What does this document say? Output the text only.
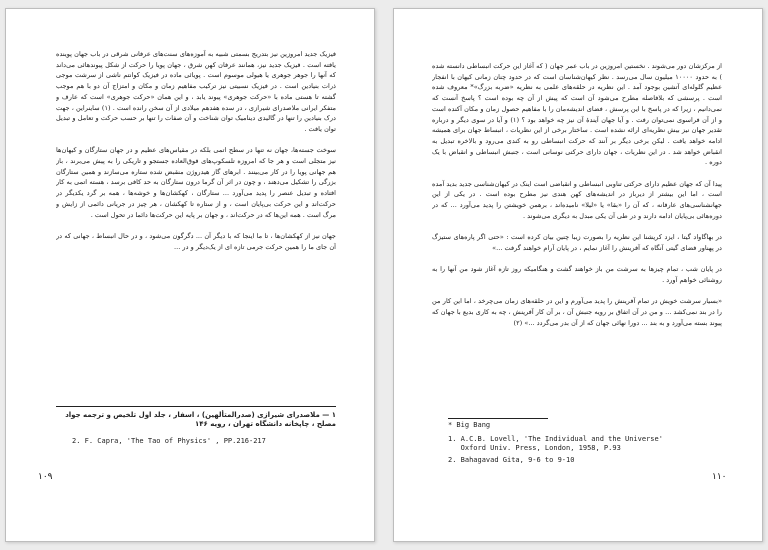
فیزیک جدید امروزین نیز بتدریج بسمتی شبیه به آموزه‌های سنت‌های عرفانی شرقی در باب جهان پوینده یافته است . فیزیک جدید نیز، همانند عرفان کهن شرق ، جهان پویا را حرکت از شکل پیوندهائی می‌داند که آنها را جوهر جوهری یا هیولی موسوم است . پویائی ماده در فیزیک کوانتم ناشی از سرشت موجی ذرات بنیادین است . در فیزیک نسبیتی نیز ترکیب مفاهیم زمان و مکان و امتزاج آن دو با هم موجب گشته تا هستی ماده با «حرکت جوهری» پیوند یابد ، و این همان «حرکت جوهری» است که عارف و متفکر ایرانی ملاصدرای شیرازی ، در سده هفدهم میلادی از آن سخن رانده است . (۱) ساینراین ، جهت درک بنیادین را تنها در گالیدی دینامیک توان شناخت و آن صفات را تنها بر حسب حرکت و تعامل و تبدیل توان یافت .

سوخت جسته‌ها، جهان نه تنها در سطح اتمی بلکه در مقیاس‌های عظیم و در جهان ستارگان و کیهان‌ها نیز متجلی است و هر جا که امروزه تلسکوپ‌های فوق‌العاده جستجو و تاریکی را به پیش می‌برند ، باز هم جهانی پویا را در کار می‌بینند . ابرهای گاز هیدروژن منقبض شده ستاره می‌سازند و همین ستارگان بزرگی را تشکیل می‌دهند ، و چون در اثر آن گرما درون ستارگان به حد کافی برسد ، هسته اتمی به کار افتاده و تبدیل عنصر را پدید می‌آورد ... ستارگان ، کهکشان‌ها و خوشه‌ها ، همه بر گرد یکدیگر در حرکت‌اند و این حرکت بی‌پایان است ، و از ستاره تا کهکشان ، هر چیز در جریانی دائمی از زایش و مرگ است . همه این‌ها که در حرکت‌اند ، و جهان بر پایه این حرکت‌ها دائما در تحول است .

جهان نیز از کهکشان‌ها ، تا ما اینجا که با دیگر آن ... دگرگون می‌شود ، و در حال انبساط ، جهانی که در آن جای ما را همین حرکت جرمی تازه ای از یک‌دیگر و در ...
۱ — ملاصدرای شیرازی (صدرالمتألهین) ، اسفار ، جلد اول تلخیص و ترجمه جواد مصلح ، چاپخانه دانشگاه تهران ، رویه ۱۴۶
2. F. Capra, 'The Tao of Physics' , PP.216-217
۱۰۹
از مرکزشان دور می‌شوند . نخستین امروزین در باب عمر جهان ( که آغاز این حرکت انبساطی دانسته شده ) به حدود ۱۰۰۰۰ میلیون سال می‌رسد . نظر کیهان‌شناسان است که در حدود چنان زمانی کیهان با انفجار عظیم گلوله‌ای آتشین بوجود آمد . این نظریه در حلقه‌های علمی به نظریه «ضربه بزرگ»* معروف شده است . پرسشی که بلافاصله مطرح می‌شود آن است که پیش از آن چه بوده است ؟ پاسخ آنست که نمی‌دانیم ، زیرا که در پاسخ با این پرسش ، فضای اندیشه‌مان را با مفاهیم حصول زمان و مکان آکنده است و از آن فراسوی نمی‌توان رفت . و آیا جهان آیندهٔ آن نیز چه خواهد بود ؟ (۱) و آیا در سوی دیگر و درباره تقدیر جهان نیز بیش نظریه‌ای ارائه نشده است . ساختار برخی از این نظریات ، انبساط جهان برای همیشه ادامه خواهد یافت . لیکن برخی دیگر بر آنند که حرکت انبساطی رو به کندی می‌رود و بالاخره تبدیل به انقباض خواهد شد . در این نظریات ، جهان دارای حرکتی نوسانی است ، جنبش انبساطی و انقباض با یک دوره .

پیدا آن که جهان عظیم دارای حرکتی تناوبی انبساطی و انقباضی است اینک در کیهان‌شناسی جدید بدید آمده است ، اما این بیشتر از دیرباز در اندیشه‌های کهن هندی نیز مطرح بوده است . در یکی از این جهانشناسی‌های عارفانه ، که آن را «بقا» یا «لیلا» نامیده‌اند ، برهمن خویشتن را پدید می‌آورد ... که در دوره‌هائی بی‌پایان ادامه دارند و در طی آن یکی مبدل به دیگری می‌شوند .

در بهاگاواد گیتا ، ایزد کریشنا این نظریه را بصورت زیبا چنین بیان کرده است : «حتی اگر پاره‌های ستیزگ در پهناور فضای گیتی آنگاه که آفرینش را آغاز نمایم ، در پایان آرام خواهند گرفت ...»

در پایان شب ، تمام چیزها به سرشت من باز خواهند گشت و هنگامیکه روز تازه آغاز شود من آنها را به روشنائی خواهم آورد .

«بسیار سرشت خویش در تمام آفرینش را پدید می‌آورم و این در حلقه‌های زمان می‌چرخد ، اما این کار من را در بند نمی‌کشد ... و من در آن اتفاق بر رویه جنبش آن ، بر آن کار آفرینش ، چه به کاری بدیع با جهان که پیوند بسته می‌آورد و به بند ... دورا نهائی جهان که از آن بدر می‌گردد ...» (۲)
* Big Bang
1. A.C.B. Lovell, 'The Individual and the Universe'
Oxford Univ. Press, London, 1958, P.93
2. Bahagavad Gita, 9-6 to 9-10
۱۱۰
